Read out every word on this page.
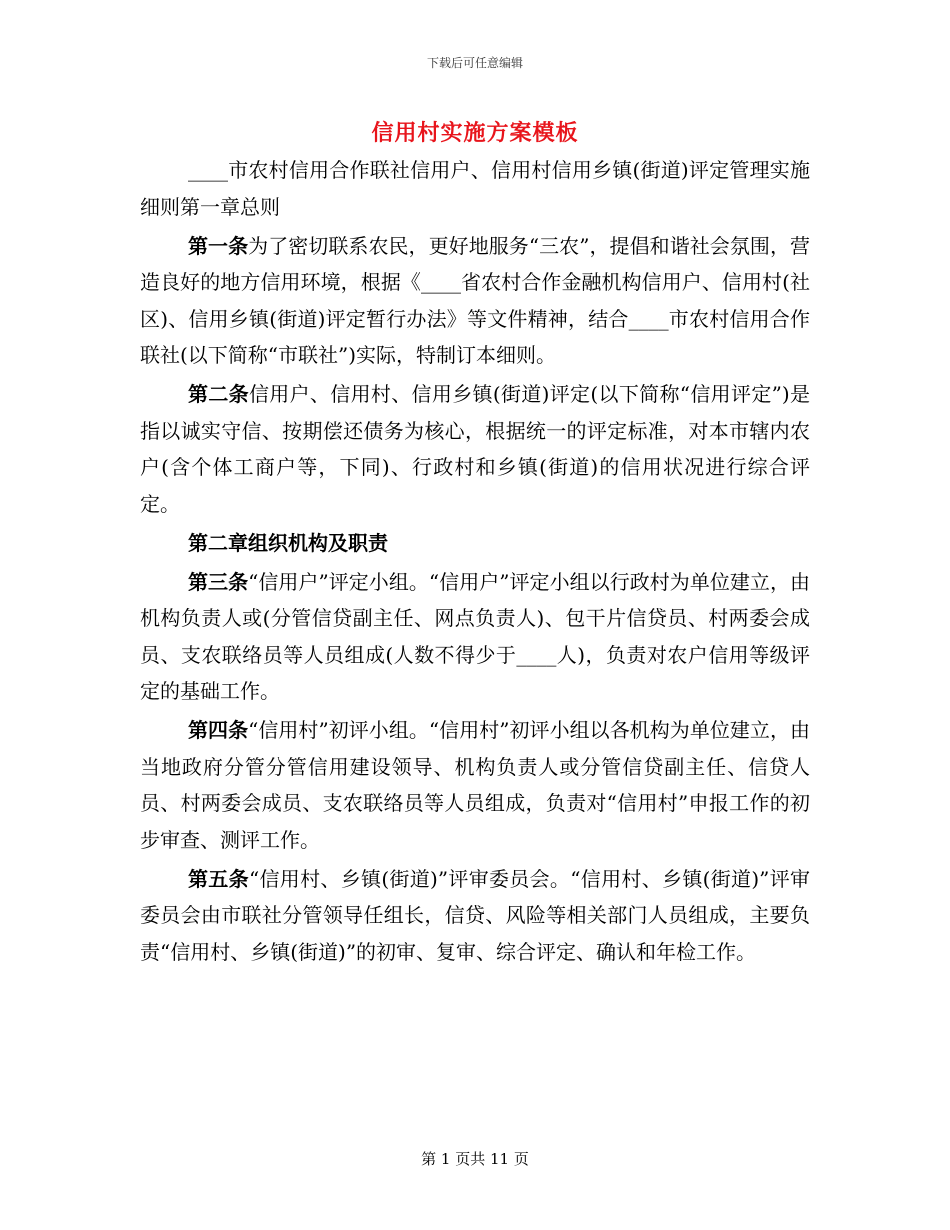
下载后可任意编辑
信用村实施方案模板

____市农村信用合作联社信用户、信用村信用乡镇(街道)评定管理实施细则第一章总则

第一条为了密切联系农民，更好地服务“三农”，提倡和谐社会氛围，营造良好的地方信用环境，根据《____省农村合作金融机构信用户、信用村(社区)、信用乡镇(街道)评定暂行办法》等文件精神，结合____市农村信用合作联社(以下简称“市联社”)实际，特制订本细则。

第二条信用户、信用村、信用乡镇(街道)评定(以下简称“信用评定”)是指以诚实守信、按期偿还债务为核心，根据统一的评定标准，对本市辖内农户(含个体工商户等，下同)、行政村和乡镇(街道)的信用状况进行综合评定。

第二章组织机构及职责

第三条“信用户”评定小组。“信用户”评定小组以行政村为单位建立，由机构负责人或(分管信贷副主任、网点负责人)、包干片信贷员、村两委会成员、支农联络员等人员组成(人数不得少于____人)，负责对农户信用等级评定的基础工作。

第四条“信用村”初评小组。“信用村”初评小组以各机构为单位建立，由当地政府分管分管信用建设领导、机构负责人或分管信贷副主任、信贷人员、村两委会成员、支农联络员等人员组成，负责对“信用村”申报工作的初步审查、测评工作。

第五条“信用村、乡镇(街道)”评审委员会。“信用村、乡镇(街道)”评审委员会由市联社分管领导任组长，信贷、风险等相关部门人员组成，主要负责“信用村、乡镇(街道)”的初审、复审、综合评定、确认和年检工作。

第 1 页共 11 页
